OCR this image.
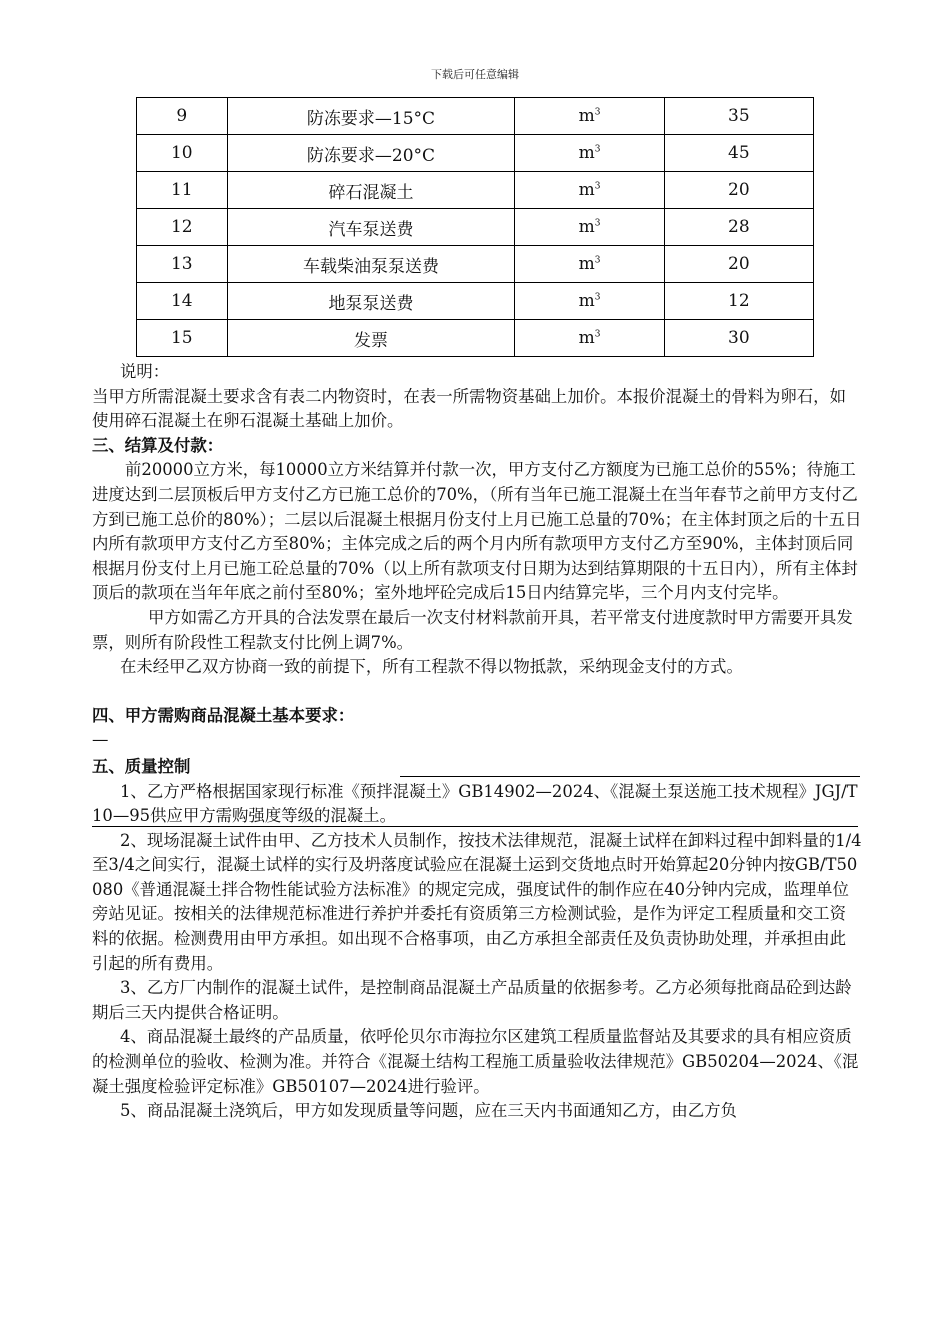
下载后可任意编辑
9	防冻要求—15°C	$m^3$	35
10	防冻要求—20°C	$m^3$	45
11	碎石混凝土	$m^3$	20
12	汽车泵送费	$m^3$	28
13	车载柴油泵泵送费	$m^3$	20
14	地泵泵送费	$m^3$	12
15	发票	$m^3$	30

说明：

当甲方所需混凝土要求含有表二内物资时，在表一所需物资基础上加价。本报价混凝土的骨料为卵石，如使用碎石混凝土在卵石混凝土基础上加价。

三、结算及付款：

前20000立方米，每10000立方米结算并付款一次，甲方支付乙方额度为已施工总价的55%；待施工进度达到二层顶板后甲方支付乙方已施工总价的70%，（所有当年已施工混凝土在当年春节之前甲方支付乙方到已施工总价的80%）；二层以后混凝土根据月份支付上月已施工总量的70%；在主体封顶之后的十五日内所有款项甲方支付乙方至80%；主体完成之后的两个月内所有款项甲方支付乙方至90%，主体封顶后同根据月份支付上月已施工砼总量的70%（以上所有款项支付日期为达到结算期限的十五日内），所有主体封顶后的款项在当年年底之前付至80%；室外地坪砼完成后15日内结算完毕，三个月内支付完毕。

甲方如需乙方开具的合法发票在最后一次支付材料款前开具，若平常支付进度款时甲方需要开具发票，则所有阶段性工程款支付比例上调7%。

在未经甲乙双方协商一致的前提下，所有工程款不得以物抵款，采纳现金支付的方式。

四、甲方需购商品混凝土基本要求：

—

五、质量控制

1、乙方严格根据国家现行标准《预拌混凝土》GB14902—2024、《混凝土泵送施工技术规程》JGJ/T10—95供应甲方需购强度等级的混凝土。

2、现场混凝土试件由甲、乙方技术人员制作，按技术法律规范，混凝土试样在卸料过程中卸料量的1/4至3/4之间实行，混凝土试样的实行及坍落度试验应在混凝土运到交货地点时开始算起20分钟内按GB/T50080《普通混凝土拌合物性能试验方法标准》的规定完成，强度试件的制作应在40分钟内完成，监理单位旁站见证。按相关的法律规范标准进行养护并委托有资质第三方检测试验，是作为评定工程质量和交工资料的依据。检测费用由甲方承担。如出现不合格事项，由乙方承担全部责任及负责协助处理，并承担由此引起的所有费用。

3、乙方厂内制作的混凝土试件，是控制商品混凝土产品质量的依据参考。乙方必须每批商品砼到达龄期后三天内提供合格证明。

4、商品混凝土最终的产品质量，依呼伦贝尔市海拉尔区建筑工程质量监督站及其要求的具有相应资质的检测单位的验收、检测为准。并符合《混凝土结构工程施工质量验收法律规范》GB50204—2024、《混凝土强度检验评定标准》GB50107—2024进行验评。

5、商品混凝土浇筑后，甲方如发现质量等问题，应在三天内书面通知乙方，由乙方负
